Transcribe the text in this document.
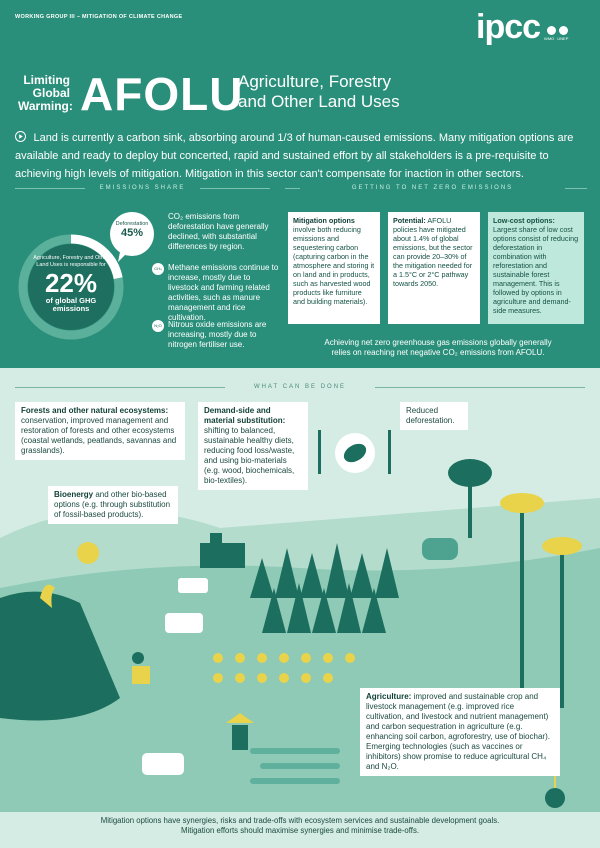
WORKING GROUP III – MITIGATION OF CLIMATE CHANGE	ipcc WMO UNEP
Limiting
Global
Warming: AFOLU
Agriculture, Forestry
and Other Land Uses
Land is currently a carbon sink, absorbing around 1/3 of human-caused emissions. Many mitigation options are available and ready to deploy but concerted, rapid and sustained effort by all stakeholders is a pre-requisite to achieving high levels of mitigation. Mitigation in this sector can't compensate for inaction in other sectors.
EMISSIONS SHARE	GETTING TO NET ZERO EMISSIONS
Agriculture, Forestry and Other Land Uses is responsible for
22%
of global GHG emissions
Deforestation
45%
CO₂ emissions from deforestation have generally declined, with substantial differences by region.
CH₄ Methane emissions continue to increase, mostly due to livestock and farming related activities, such as manure management and rice cultivation.
N₂O Nitrous oxide emissions are increasing, mostly due to nitrogen fertiliser use.
Mitigation options
involve both reducing emissions and sequestering carbon (capturing carbon in the atmosphere and storing it on land and in products, such as harvested wood products like furniture and building materials).
Potential: AFOLU policies have mitigated about 1.4% of global emissions, but the sector can provide 20–30% of the mitigation needed for a 1.5°C or 2°C pathway towards 2050.
Low-cost options:
Largest share of low cost options consist of reducing deforestation in combination with reforestation and sustainable forest management. This is followed by options in agriculture and demand-side measures.
Achieving net zero greenhouse gas emissions globally generally relies on reaching net negative CO₂ emissions from AFOLU.
WHAT CAN BE DONE
Forests and other natural ecosystems:
conservation, improved management and restoration of forests and other ecosystems (coastal wetlands, peatlands, savannas and grasslands).
Demand-side and material substitution: shifting to balanced, sustainable healthy diets, reducing food loss/waste, and using bio-materials (e.g. wood, biochemicals, bio-textiles).
Reduced deforestation.
Bioenergy and other bio-based options (e.g. through substitution of fossil-based products).
Agriculture: improved and sustainable crop and livestock management (e.g. improved rice cultivation, and livestock and nutrient management) and carbon sequestration in agriculture (e.g. enhancing soil carbon, agroforestry, use of biochar). Emerging technologies (such as vaccines or inhibitors) show promise to reduce agricultural CH₄ and N₂O.
Mitigation options have synergies, risks and trade-offs with ecosystem services and sustainable development goals.
Mitigation efforts should maximise synergies and minimise trade-offs.
